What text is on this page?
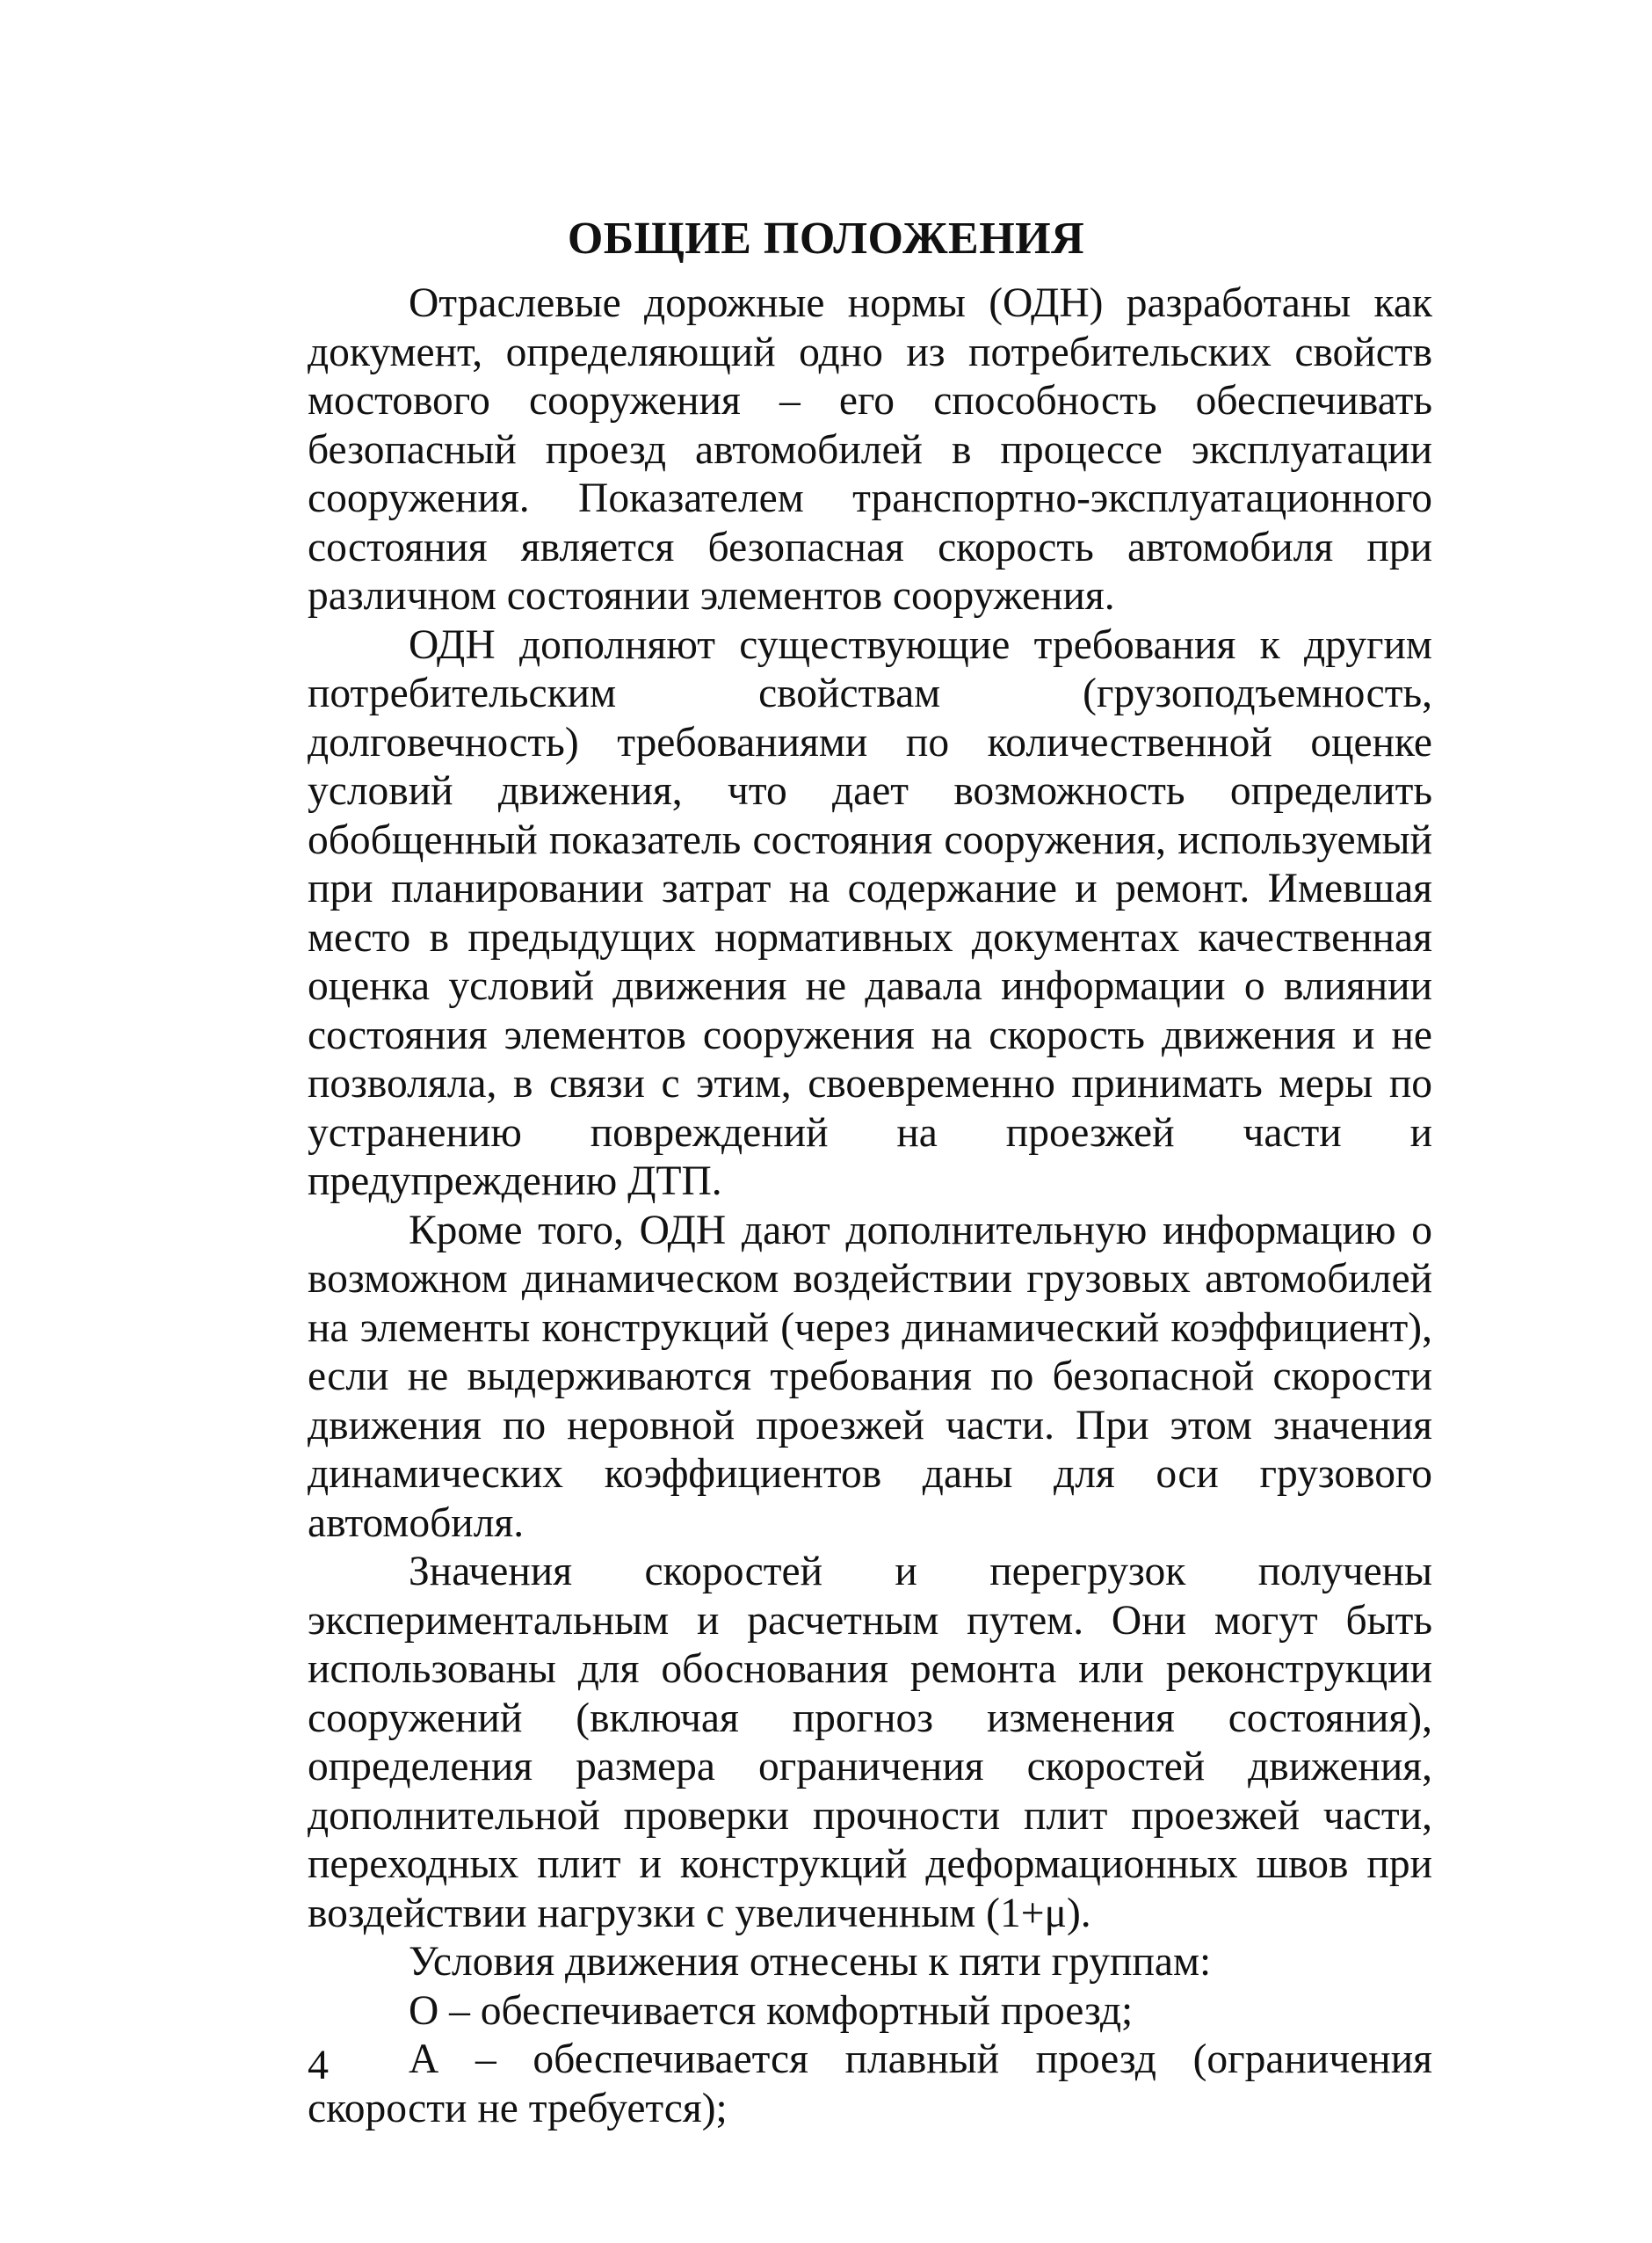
ОБЩИЕ ПОЛОЖЕНИЯ

Отраслевые дорожные нормы (ОДН) разработаны как документ, определяющий одно из потребительских свойств мостового сооружения – его способность обеспечивать безопасный проезд автомобилей в процессе эксплуатации сооружения. Показателем транспортно-эксплуатационного состояния является безопасная скорость автомобиля при различном состоянии элементов сооружения.

ОДН дополняют существующие требования к другим потребительским свойствам (грузоподъемность, долговечность) требованиями по количественной оценке условий движения, что дает возможность определить обобщенный показатель состояния сооружения, используемый при планировании затрат на содержание и ремонт. Имевшая место в предыдущих нормативных документах качественная оценка условий движения не давала информации о влиянии состояния элементов сооружения на скорость движения и не позволяла, в связи с этим, своевременно принимать меры по устранению повреждений на проезжей части и предупреждению ДТП.

Кроме того, ОДН дают дополнительную информацию о возможном динамическом воздействии грузовых автомобилей на элементы конструкций (через динамический коэффициент), если не выдерживаются требования по безопасной скорости движения по неровной проезжей части. При этом значения динамических коэффициентов даны для оси грузового автомобиля.

Значения скоростей и перегрузок получены экспериментальным и расчетным путем. Они могут быть использованы для обоснования ремонта или реконструкции сооружений (включая прогноз изменения состояния), определения размера ограничения скоростей движения, дополнительной проверки прочности плит проезжей части, переходных плит и конструкций деформационных швов при воздействии нагрузки с увеличенным (1+μ).

Условия движения отнесены к пяти группам:

О – обеспечивается комфортный проезд;

А – обеспечивается плавный проезд (ограничения скорости не требуется);

4
